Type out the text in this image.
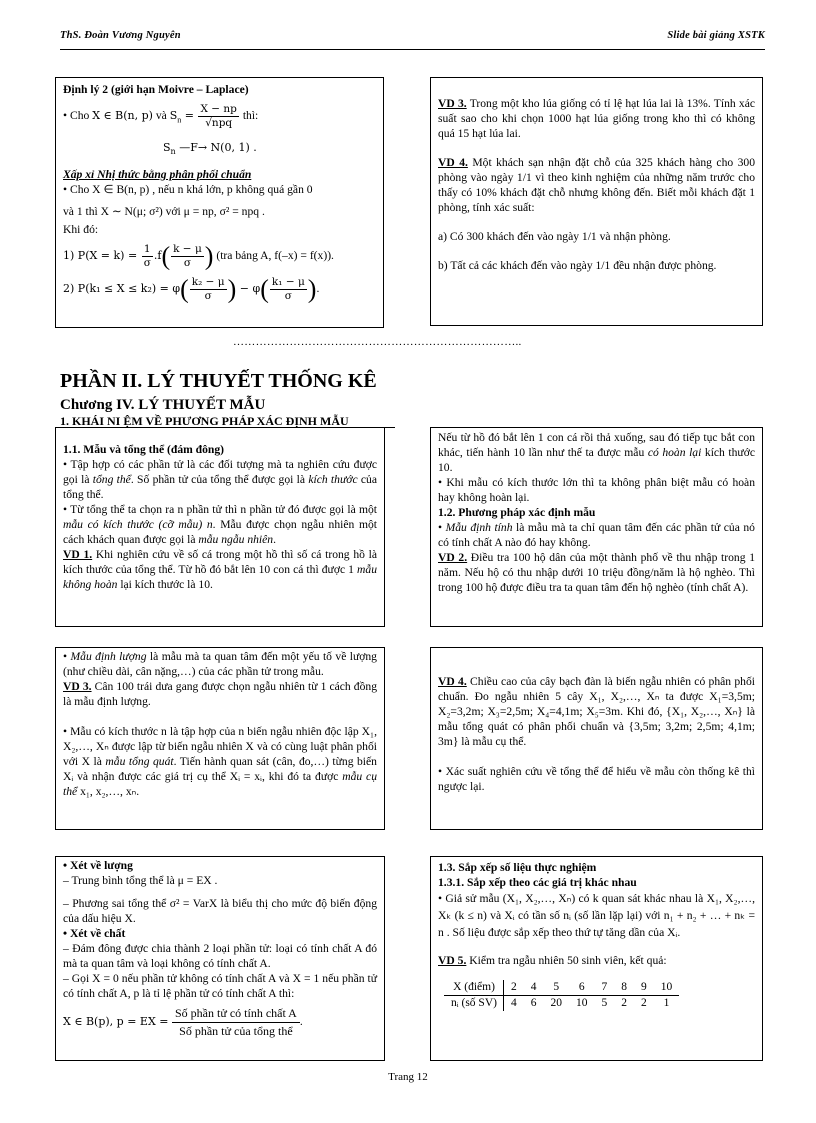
ThS. Đoàn Vương Nguyên	Slide bài giảng XSTK

Định lý 2 (giới hạn Moivre – Laplace)

• Cho X ∈ B(n, p) và $S_n = \frac{X - np}{\text{√npq}}$ thì:

$S_n$ —F→ N(0, 1) .

Xấp xỉ Nhị thức bằng phân phối chuẩn

• Cho X ∈ B(n, p) , nếu n khá lớn, p không quá gần 0

và 1 thì X ∼ N(μ; σ²) với μ = np, σ² = npq .

Khi đó:

1) $P(X = k) = \frac{1}{\sigma} .f( \frac{k - \mu}{\sigma}$ ) (tra bảng A, f(–x) = f(x)).

2) $P(k_1 \le X \le k_2) = \varphi( \frac{\text{k₂ − μ}}{\sigma}$ ) − $\varphi( \frac{\text{k₁ − μ}}{\sigma}$ ).

VD 3. Trong một kho lúa giống có tỉ lệ hạt lúa lai là 13%. Tính xác suất sao cho khi chọn 1000 hạt lúa giống trong kho thì có không quá 15 hạt lúa lai.

VD 4. Một khách sạn nhận đặt chỗ của 325 khách hàng cho 300 phòng vào ngày 1/1 vì theo kinh nghiệm của những năm trước cho thấy có 10% khách đặt chỗ nhưng không đến. Biết mỗi khách đặt 1 phòng, tính xác suất:

a) Có 300 khách đến vào ngày 1/1 và nhận phòng.

b) Tất cả các khách đến vào ngày 1/1 đều nhận được phòng.

…………………………………………………………………..
PHẦN II. LÝ THUYẾT THỐNG KÊ
Chương IV. LÝ THUYẾT MẪU
1. KHÁI NI ỆM VỀ PHƯƠNG PHÁP XÁC ĐỊNH MẪU

1.1. Mẫu và tổng thể (đám đông)

• Tập hợp có các phần tử là các đối tượng mà ta nghiên cứu được gọi là tổng thể. Số phần tử của tổng thể được gọi là kích thước của tổng thể.

• Từ tổng thể ta chọn ra n phần tử thì n phần tử đó được gọi là một mẫu có kích thước (cỡ mẫu) n. Mẫu được chọn ngẫu nhiên một cách khách quan được gọi là mẫu ngẫu nhiên.

VD 1. Khi nghiên cứu về số cá trong một hồ thì số cá trong hồ là kích thước của tổng thể. Từ hồ đó bắt lên 10 con cá thì được 1 mẫu không hoàn lại kích thước là 10.

Nếu từ hồ đó bắt lên 1 con cá rồi thả xuống, sau đó tiếp tục bắt con khác, tiến hành 10 lần như thế ta được mẫu có hoàn lại kích thước 10.

• Khi mẫu có kích thước lớn thì ta không phân biệt mẫu có hoàn hay không hoàn lại.

1.2. Phương pháp xác định mẫu

• Mẫu định tính là mẫu mà ta chỉ quan tâm đến các phần tử của nó có tính chất A nào đó hay không.

VD 2. Điều tra 100 hộ dân của một thành phố về thu nhập trong 1 năm. Nếu hộ có thu nhập dưới 10 triệu đồng/năm là hộ nghèo. Thì trong 100 hộ được điều tra ta quan tâm đến hộ nghèo (tính chất A).

• Mẫu định lượng là mẫu mà ta quan tâm đến một yếu tố về lượng (như chiều dài, cân nặng,…) của các phần tử trong mẫu.

VD 3. Cân 100 trái dưa gang được chọn ngẫu nhiên từ 1 cách đồng là mẫu định lượng.

• Mẫu có kích thước n là tập hợp của n biến ngẫu nhiên độc lập X₁, X₂,…, Xₙ được lập từ biến ngẫu nhiên X và có cùng luật phân phối với X là mẫu tổng quát. Tiến hành quan sát (cân, đo,…) từng biến Xᵢ và nhận được các giá trị cụ thể Xᵢ = xᵢ, khi đó ta được mẫu cụ thể x₁, x₂,…, xₙ.

VD 4. Chiều cao của cây bạch đàn là biến ngẫu nhiên có phân phối chuẩn. Đo ngẫu nhiên 5 cây X₁, X₂,…, Xₙ ta được X₁=3,5m; X₂=3,2m; X₃=2,5m; X₄=4,1m; X₅=3m. Khi đó, {X₁, X₂,…, Xₙ} là mẫu tổng quát có phân phối chuẩn và {3,5m; 3,2m; 2,5m; 4,1m; 3m} là mẫu cụ thể.

• Xác suất nghiên cứu về tổng thể để hiểu về mẫu còn thống kê thì ngược lại.

• Xét về lượng

– Trung bình tổng thể là μ = EX .

– Phương sai tổng thể σ² = VarX là biểu thị cho mức độ biến động của dấu hiệu X.

• Xét về chất

– Đám đông được chia thành 2 loại phần tử: loại có tính chất A đó mà ta quan tâm và loại không có tính chất A.

– Gọi X = 0 nếu phần tử không có tính chất A và X = 1 nếu phần tử có tính chất A, p là tỉ lệ phần tử có tính chất A thì:

X ∈ B(p), p = EX =
Số phần tử có tính chất A
Số phần tử của tổng thể
.

1.3. Sắp xếp số liệu thực nghiệm

1.3.1. Sắp xếp theo các giá trị khác nhau

• Giả sử mẫu (X₁, X₂,…, Xₙ) có k quan sát khác nhau là X₁, X₂,…, Xₖ (k ≤ n) và Xᵢ có tần số nᵢ (số lần lặp lại) với n₁ + n₂ + … + nₖ = n . Số liệu được sắp xếp theo thứ tự tăng dần của Xᵢ.

VD 5. Kiểm tra ngẫu nhiên 50 sinh viên, kết quả:

X (điểm)	2	4	5	6	7	8	9	10
nᵢ (số SV)	4	6	20	10	5	2	2	1
Trang 12
